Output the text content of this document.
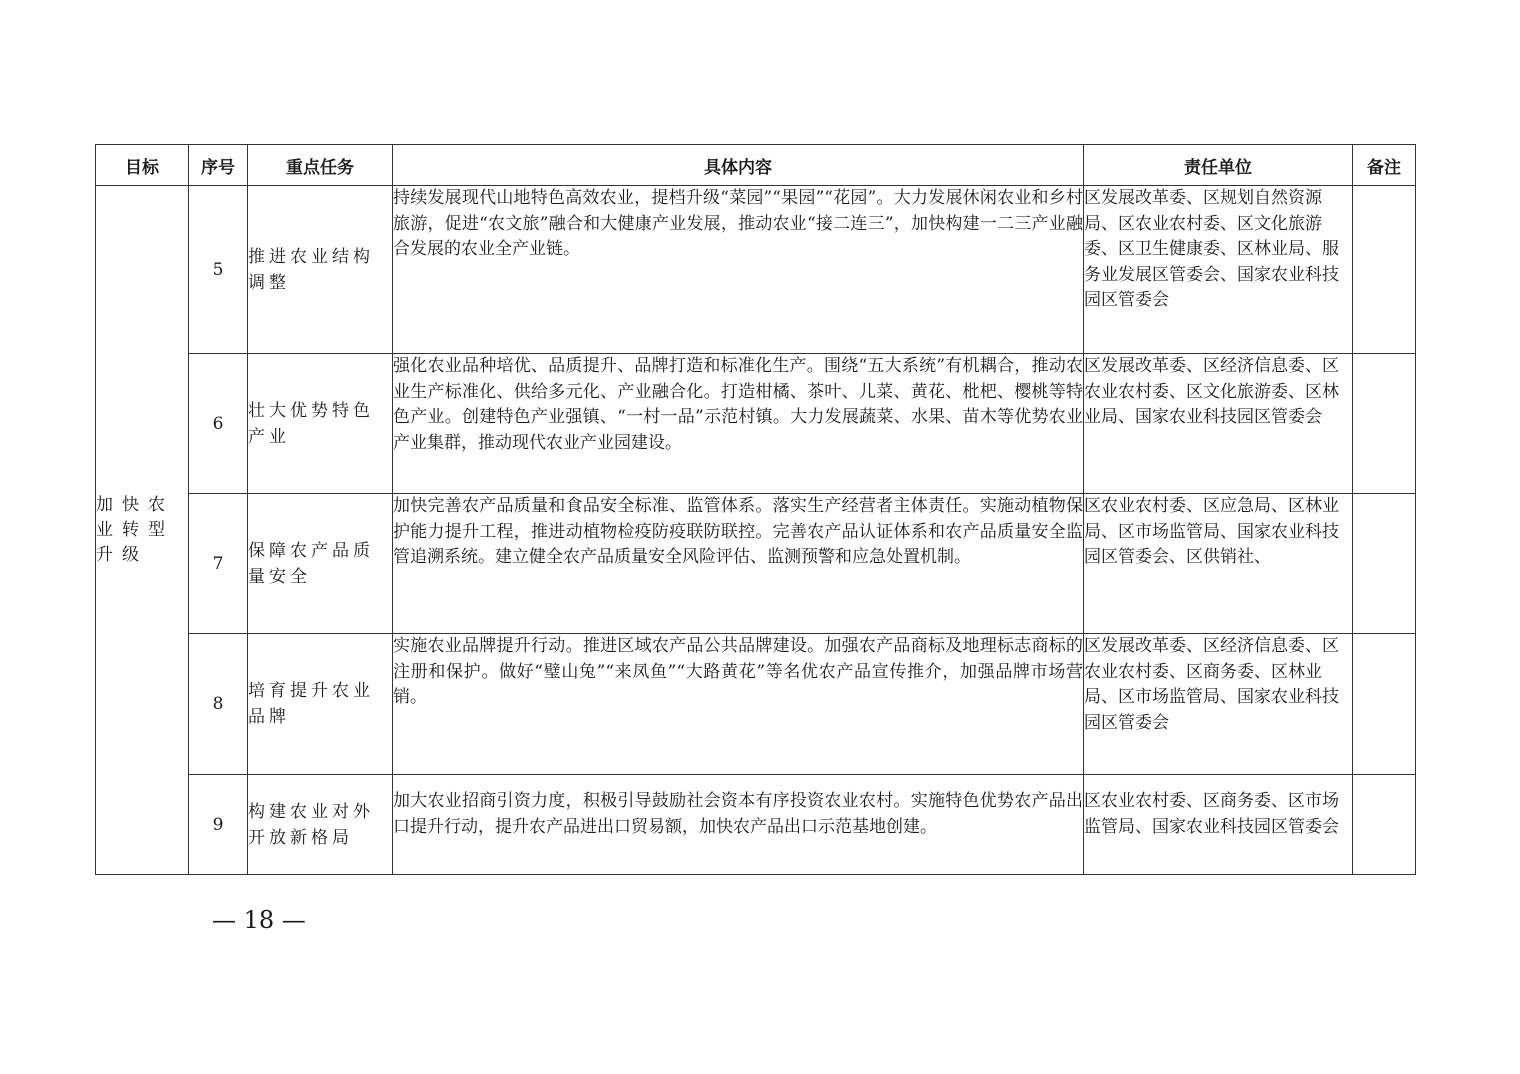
目标	序号	重点任务	具体内容	责任单位	备注
加快农业转型升级	5	推进农业结构调整	持续发展现代山地特色高效农业，提档升级“菜园”“果园”“花园”。大力发展休闲农业和乡村旅游，促进“农文旅”融合和大健康产业发展，推动农业“接二连三”，加快构建一二三产业融合发展的农业全产业链。	区发展改革委、区规划自然资源局、区农业农村委、区文化旅游委、区卫生健康委、区林业局、服务业发展区管委会、国家农业科技园区管委会	
	6	壮大优势特色产业	强化农业品种培优、品质提升、品牌打造和标准化生产。围绕“五大系统”有机耦合，推动农业生产标准化、供给多元化、产业融合化。打造柑橘、茶叶、儿菜、黄花、枇杷、樱桃等特色产业。创建特色产业强镇、“一村一品”示范村镇。大力发展蔬菜、水果、苗木等优势农业产业集群，推动现代农业产业园建设。	区发展改革委、区经济信息委、区农业农村委、区文化旅游委、区林业局、国家农业科技园区管委会	
	7	保障农产品质量安全	加快完善农产品质量和食品安全标准、监管体系。落实生产经营者主体责任。实施动植物保护能力提升工程，推进动植物检疫防疫联防联控。完善农产品认证体系和农产品质量安全监管追溯系统。建立健全农产品质量安全风险评估、监测预警和应急处置机制。	区农业农村委、区应急局、区林业局、区市场监管局、国家农业科技园区管委会、区供销社、	
	8	培育提升农业品牌	实施农业品牌提升行动。推进区域农产品公共品牌建设。加强农产品商标及地理标志商标的注册和保护。做好“璧山兔”“来凤鱼”“大路黄花”等名优农产品宣传推介，加强品牌市场营销。	区发展改革委、区经济信息委、区农业农村委、区商务委、区林业局、区市场监管局、国家农业科技园区管委会	
	9	构建农业对外开放新格局	加大农业招商引资力度，积极引导鼓励社会资本有序投资农业农村。实施特色优势农产品出口提升行动，提升农产品进出口贸易额，加快农产品出口示范基地创建。	区农业农村委、区商务委、区市场监管局、国家农业科技园区管委会	
— 18 —
